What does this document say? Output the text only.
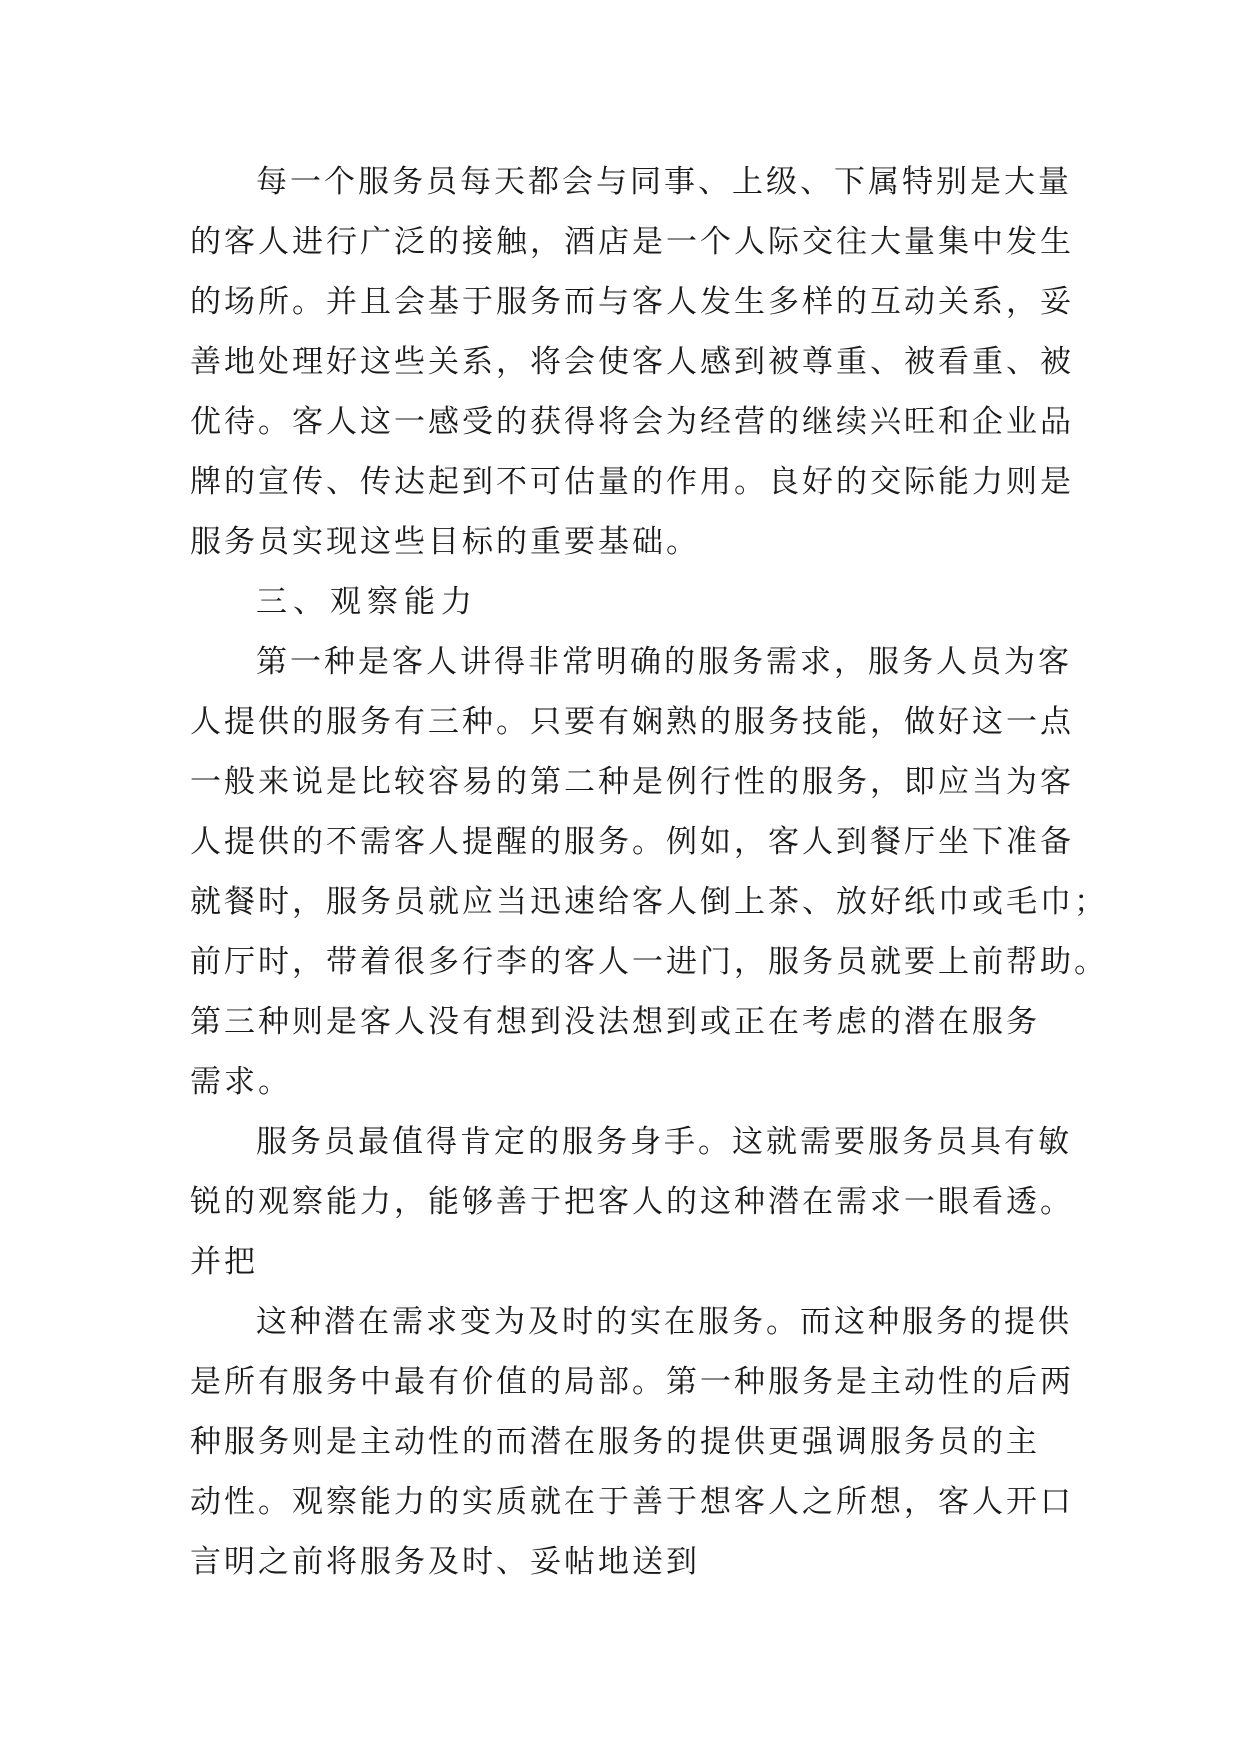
每一个服务员每天都会与同事、上级、下属特别是大量
的客人进行广泛的接触，酒店是一个人际交往大量集中发生
的场所。并且会基于服务而与客人发生多样的互动关系，妥
善地处理好这些关系，将会使客人感到被尊重、被看重、被
优待。客人这一感受的获得将会为经营的继续兴旺和企业品
牌的宣传、传达起到不可估量的作用。良好的交际能力则是
服务员实现这些目标的重要基础。
三、观察能力
第一种是客人讲得非常明确的服务需求，服务人员为客
人提供的服务有三种。只要有娴熟的服务技能，做好这一点
一般来说是比较容易的第二种是例行性的服务，即应当为客
人提供的不需客人提醒的服务。例如，客人到餐厅坐下准备
就餐时，服务员就应当迅速给客人倒上茶、放好纸巾或毛巾；
前厅时，带着很多行李的客人一进门，服务员就要上前帮助。
第三种则是客人没有想到没法想到或正在考虑的潜在服务
需求。
服务员最值得肯定的服务身手。这就需要服务员具有敏
锐的观察能力，能够善于把客人的这种潜在需求一眼看透。
并把
这种潜在需求变为及时的实在服务。而这种服务的提供
是所有服务中最有价值的局部。第一种服务是主动性的后两
种服务则是主动性的而潜在服务的提供更强调服务员的主
动性。观察能力的实质就在于善于想客人之所想，客人开口
言明之前将服务及时、妥帖地送到
